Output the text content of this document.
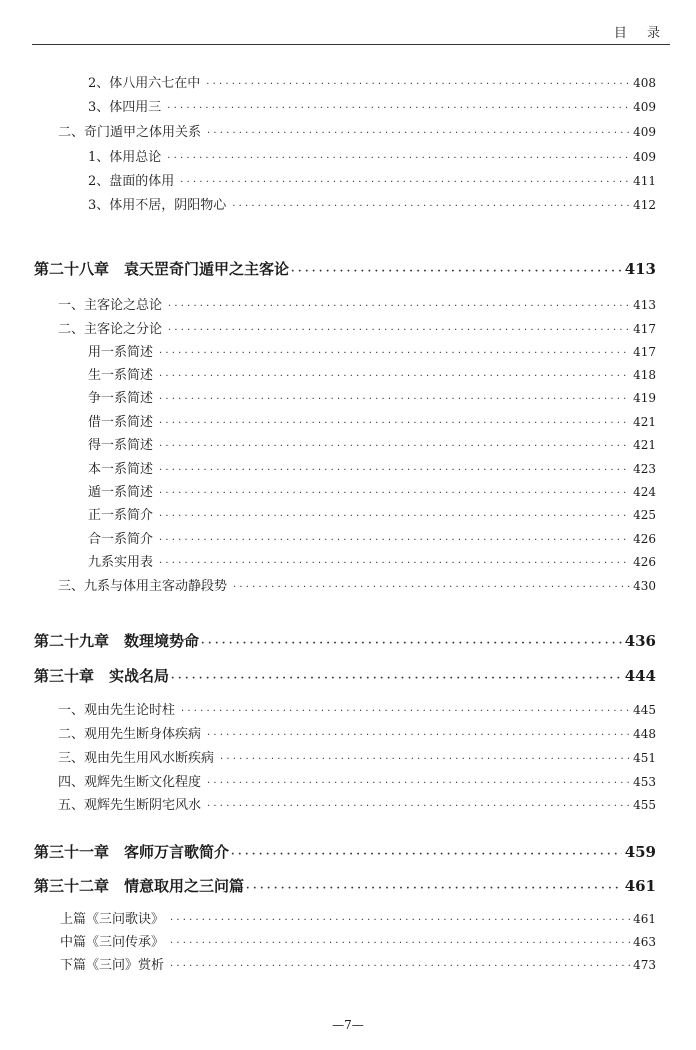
目 录
2、体八用六七在中 · · ·	408
3、体四用三 · · ·	409
二、奇门遁甲之体用关系 · · ·	409
1、体用总论 · · ·	409
2、盘面的体用 · · ·	411
3、体用不居，阴阳物心 · · ·	412
第二十八章　袁天罡奇门遁甲之主客论 · · ·	413
一、主客论之总论 · · ·	413
二、主客论之分论 · · ·	417
用一系简述 · · ·	417
生一系简述 · · ·	418
争一系简述 · · ·	419
借一系简述 · · ·	421
得一系简述 · · ·	421
本一系简述 · · ·	423
遁一系简述 · · ·	424
正一系简介 · · ·	425
合一系简介 · · ·	426
九系实用表 · · ·	426
三、九系与体用主客动静段势 · · ·	430
第二十九章　数理境势命 · · ·	436
第三十章　实战名局 · · ·	444
一、观由先生论时柱 · · ·	445
二、观用先生断身体疾病 · · ·	448
三、观由先生用风水断疾病 · · ·	451
四、观辉先生断文化程度 · · ·	453
五、观辉先生断阴宅风水 · · ·	455
第三十一章　客师万言歌简介 · · ·	459
第三十二章　情意取用之三问篇 · · ·	461
上篇《三问歌诀》 · · ·	461
中篇《三问传承》 · · ·	463
下篇《三问》赏析 · · ·	473
—7—
